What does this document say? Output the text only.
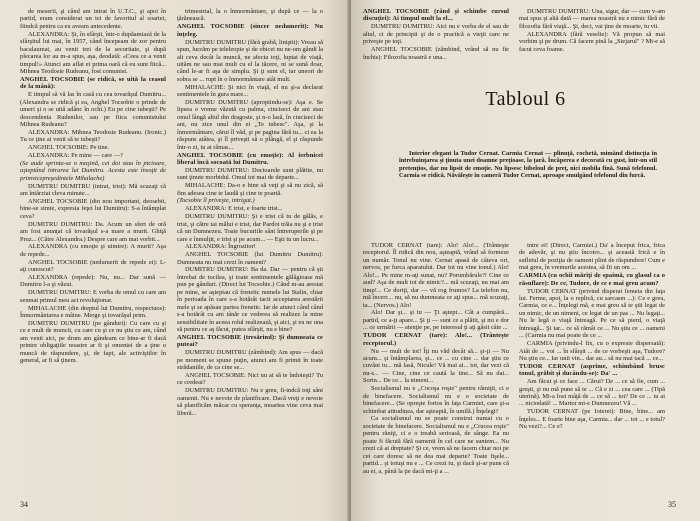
de meserii, şi când am intrat în U.T.C., şi apoi în partid, eram considerat un tei de favoritul al soartei, fiindcă pentru ca eu aveam antecedente.

ALEXANDRA: Şi, în sfârşit, într-o dupăamiază de la sfârşitul lui mai, în 1957, când începeam de zor pentru bacalaureat, au venit trei de la securitate, şi după plecarea lor au m-a spus, aşa, deodată: «Ceea ce a venit timpul!» Atunci am aflat ei prima oară că eu sunt fiică... Mihnea Teodosie Rudeanu, fost comunist.

ANGHEL TOCSOBIE (se ridică, se uită la ceasul de la mână):

E timpul să vă las în casă cu cea tovarăşul Dumitru... (Alexandra se ridică şi ea, Anghel Tocsobie o prinde de umeri şi o se uită adânc în ochi.) Eu pe cine iubeşti? Pe descendenta Rudenilor, sau pe fiica comunistului Mihnea Rudeanu?

ALEXANDRA: Mihnea Teodosie Rudeanu. (Ironic.) Tu ce ţine ai venit să te iubeşti?

ANGHEL TOCSOBIE: Pe tine.

ALEXANDRA: Pe mine — care —?

(Se aude sprinta-se o maşină, cei doi stau în picioare, aşteptând intrarea lui Dumitru. Acesta este însoţit de primvicepreşedintele Mihalache)

DUMITRU DUMITRU (intrat, trist): Mă scuzaţi că am întârziat cleva minute...

ANGHEL TOCSOBIE (din nou important, deosebit, bine-se simte, expresia feţei lui Dumitru): S-a întâmplat ceva?

DUMITRU DUMITRU: Da. Acum un sfert de oră am fost anunţat că tovarăşul s-a mare a murit. Ghiţă Pruz... (Către Alexandra.) Despre care am mai vorbit...

ALEXANDRA (cu emoţie şi uimire): A murit? Aşa de repede...

ANGHEL TOCSOBIE (nedumerit de repede ei): L-aţi cunoscut?

ALEXANDRA (repede): Nu, nu... Dar sună — Dumitru l-a şi văzut.

DUMITRU DUMITRU: E vorba de omul cu care am semnat primul meu act revoluţionar.

MIHALACHE (din dreptul lui Dumitru, respectuos): Înmormântarea e mâine. Merge şi tovarăşul prim.

DUMITRU DUMITRU (pe gânduri): Cu care cu şi ce e mult de muncit, cu care cu şi ce nu ştiu ce am, când am venit aici, pe drum am gândeam ce bine-ar fi dacă printre obligaţiile noastre ar fi şi omeniei de a ţine o muncă de răspundere, şi, de fapt, ale activiştilor în general, ar fi să ţinem.

trimestrial, la o înmormântare, şi după ce — la o ţărănească.

ANGHEL TOCSOBIE (sincer nedumerit): Nu înţeleg.

DUMITRU DUMITRU (fără grabă, liniştit): Vreau să spun, lucrăm pe teleleopie şi de obicei nu ne-om gândi la alt ceva decât la muncă, ne afecta toţi, luptat de viaţă, uităm ne sau mai mult cu el la tăcere, ni se sună doar, când le-ar fi aşa de simplu. Şi ţi sunt el, iar uneori de sobra se ... rupt în o înmormântare atât mult.

MIHALACHE: Şi nici în viaţă, el nu şi-a declarat sentimentele în gura mare...

DUMITRU DUMITRU (apropiindu-se): Aşa e. Se lipsea o vreme văzută cu palma, cinciseci de ani stau omul lângă altul din dragoste, şi n-o lasă, în cinciseci de ani, nu zice unul din ei „Te iubesc". Aşa, şi la înmormântare, cărui îl văd, şi pe pagina fără tu... ci ea la răspuns atâtea, şi îl priveşti să o plângă, el şi răspunde într-o zi, tu ai rămas...

ANGHEL TOCSOBIE (cu emoţie): Al ierbnicei liberal încă socoată lui Dumitru.

DUMITRU DUMITRU: Doctoarele sunt plătite, nu sunt ţinute morbidul. Omul tot mai de departe...

MIHALACHE: Da-o e bine să veţi şi să nu zică, să fim adesea cine te laudă şi cine te poartă.

(Tocsobie îl priveşte, intrigat.)

ALEXANDRA: E trist, e foarte trist...

DUMITRU DUMITRU: Şi e trist că tu de gâlăs, e trist, şi către tai mălui e trist, dar Pardot trăia nu şi e trist că un Dumnezeu. Toate bucuriile sânt întreruperile şi pe care e înmulţit, e trist şi pe acum... — Eşti tu un lucru...

ALEXANDRA: Îngrozitor!

ANGHEL TOCSOBIE (lui Dumitru Dumitru): Dumneata nu mai crezi în oameni?

DUMITRU DUMITRU: Ba da. Dar — pentru că şti întrebat de tocilea, şi toate sentimentele gălăgioase mă pun pe gânduri. (Direct lui Tocsobie.) Când m-au arestat pe mine, se aşteptau că frenetic numele lui Stalin, chiar în perioada în care s-a hotărât tacit acceptarea arestării mele şi se apăsau partea frenetic. Iar de atunci când când s-a hotărât cu am tânăr ce vederea să realizez la mine sensibilitate în aceea rolul realizează, şi aici, şi eu ne una să pentru ce aş făcut, putea sfârşit, nu e bine?

ANGHEL TOCSOBIE (tresărind): Şi dumneata ce puteai?

DUMITRU DUMITRU (zâmbind): Am spus — dacă pe moment se spune puţin, atunci am fi primit în toate strădaniile, de ca cine se...

ANGHEL TOCSOBIE: Nici nu ai să te îndoieşti? Tu ce credeai?

DUMITRU DUMITRU: Nu e greu, fi-indcă toţi sânt oamenii. Nu e nevoie de planificare. Dacă vreţi e nevoie să planificăm măcar cu speranţa, moartea vine ceva mai liberă...

34

ANGHEL TOCSOBIE (rând şi schimbe cursul discuţiei): Ai timpul mult la el...

DUMITRU DUMITRU: Aici nu e vorba de el sau de altul, ci de principii şi de o practică a vieţii care ne priveşte pe toţi.

ANGHEL TOCSOBIE (zâmbind, vrând să nu fie închis): Filozofia noastră e una...

DUMITRU DUMITRU: Una, sigur, dar — cum v-am mai spus şi altă dată — marea noastră nu e nimic fără de filozofia fără viaţă... Şi, deci, vai ţine de moarte, tu vii.

ALEXANDRA (fără veselie): Vă propun să mai vorbim şi pe drum. Că facem pină la „Stejarul" ? Mi-e să facut ceva foame.

Tabloul 6
Interior elegant la Tudor Cernat. Carmia Cernat — plinuţă, cochetă, mimând distincţia în întrebuinţarea şi ţinuta unei doamne preţioase, la ţară. Încăperea e decorată cu gust, într-un stil pretenţios, dar nu lipsit de emoţie. Nu lipsesc bibeloul de preţ, nici mobila fină. Sună telefonul. Carmia se ridică. Năvăleşte în cameră Tudor Cernat, aproape smulgând telefonul din furcă.

TUDOR CERNAT (tare): Alo! Alo!... (Trânteşte receptorul. Îl ridică din nou, aşteaptă, vrând să formeze un număr. Tonul nu vine. Cernat apasă de câteva ori, nervos, pe furca aparatului. Dar tot nu vine tonul.) Alo! Alo!... Pe mine m-aţi sunat, nu? Porumbărule?! Cine ce aud? Aşa de mult tot de nimic?... mă scuzaţi, nu mai am timp!... Ce doriţi, dar — vă rog frumos? La telefon nu, mă încerc... nu, să nu dumneata ce aţi spus... mă scuzaţi, ta... (Nervos.) Alo!

Alo! Dar şi... şi tu — Ţi aştept... Cât a cumpără... partid, ce a-ţi apare... Şi ţi — sunt ce a plătit, şi mi e dor ... ce urmărit — atenţie pe, pe interesul ţi aţi găsit câte ...

TUDOR CERNAT (tare): Alo!... (Trânteşte receptorul.)

Nu — mult de tot! Îţi nu văd decât să... şi-ţi — Nu acum... şi întâmplarea, şi... ce ... cu cine ... dar ştiu ce cuvânt tu... mă lasă, Nicule! Vă mai ai... tot, dar vezi că nu-s... — Cine, cine ce caută la tine... Să nu dai... Sorin... De ce... la nimeni...

Socialismul nu e „Cocoşa roşie" pentru rămiţii, ci e de binefacere. Socialismul nu e o societate de binefacere... (Se opreşte fortos în faţa Carmiei, care şi-a schimbat atitudinea, dar aşteaptă, în umilă.) Înţelegi?

Ca socialismul nu se poate construi numai cu o societate de binefacere. Socialismul nu e „Crucea roşie" pentru răniţi, ci e o treabă serioasă, de sânge. Ea nu poate fi făcută fără oamenii în cel care ne suntem... Nu crezi că ai dreptate? Şi ce, vrem să ne facem chiar noi pe cei care doresc să ne dea mai departe? Toate fişele... partid... şi totuşi nu e ... Ce crezi tu, şi dacă şi-ar pune că au ei, a, până la ţie dacă mi-ţi a ...

intre ei! (Direct, Carmiei.) Da' a început frica, frica de adevăr, şi nu ştiu încotro... şi această frică e în sufletul de poziţia de oameni plini de răspundere! Cum e mai greu, în vremurile acestea, să fii un om ...

CARMIA (cu ochii măriţi de spaimă, cu glasul ca o răsuflare): De ce, Tudore, de ce e mai greu acum?

TUDOR CERNAT (privind disperat femeia din faţa lui. Ferme, apoi, la o replică, cu sarcasm ...): Ce e greu, Carmia, ce e... Înţelegi mă, e mai greu să te ştii legat de un nimic, de un nimeni, ce legat de un pas ... Nu legaţi... Nu le legă o viaţă întreagă. Pe ce să pierd, o viaţă întreagă... Şi iar... ce să rămâi ce ... Nu ştiu ce ... oameni ... (Carmia nu mai poate de ce ...

CARMIA (privindu-l fix, cu o expresie dispersată): Atât de ... voi ... în sfârşit ... de ce vorbeşti aşa, Tudore? Nu ştiu ce... Iar unii vin... dar au... să nu mai tacă ... ce...

TUDOR CERNAT (asprime, schimbând brusc tonul, grăbit şi ducându-se): Da' ...

Am făcut şi ce face ... Cărui? De ... ce să fie, cum ... greşit, şi nu mă pune să te ... Că e zi ... cea care ... (Tipă uterină). Mi-a fost mâţă de ... ce să ... tot? De ce ... tu ai ... niciodată! ... Martor mi-e Dumnezeu! Vă ...

TUDOR CERNAT (pe Ioteret): Bine, bine... am înţeles... E foarte bine aşa, Carmia... dar ... tot ... e totul? Nu vezi?... Ce e?

35
